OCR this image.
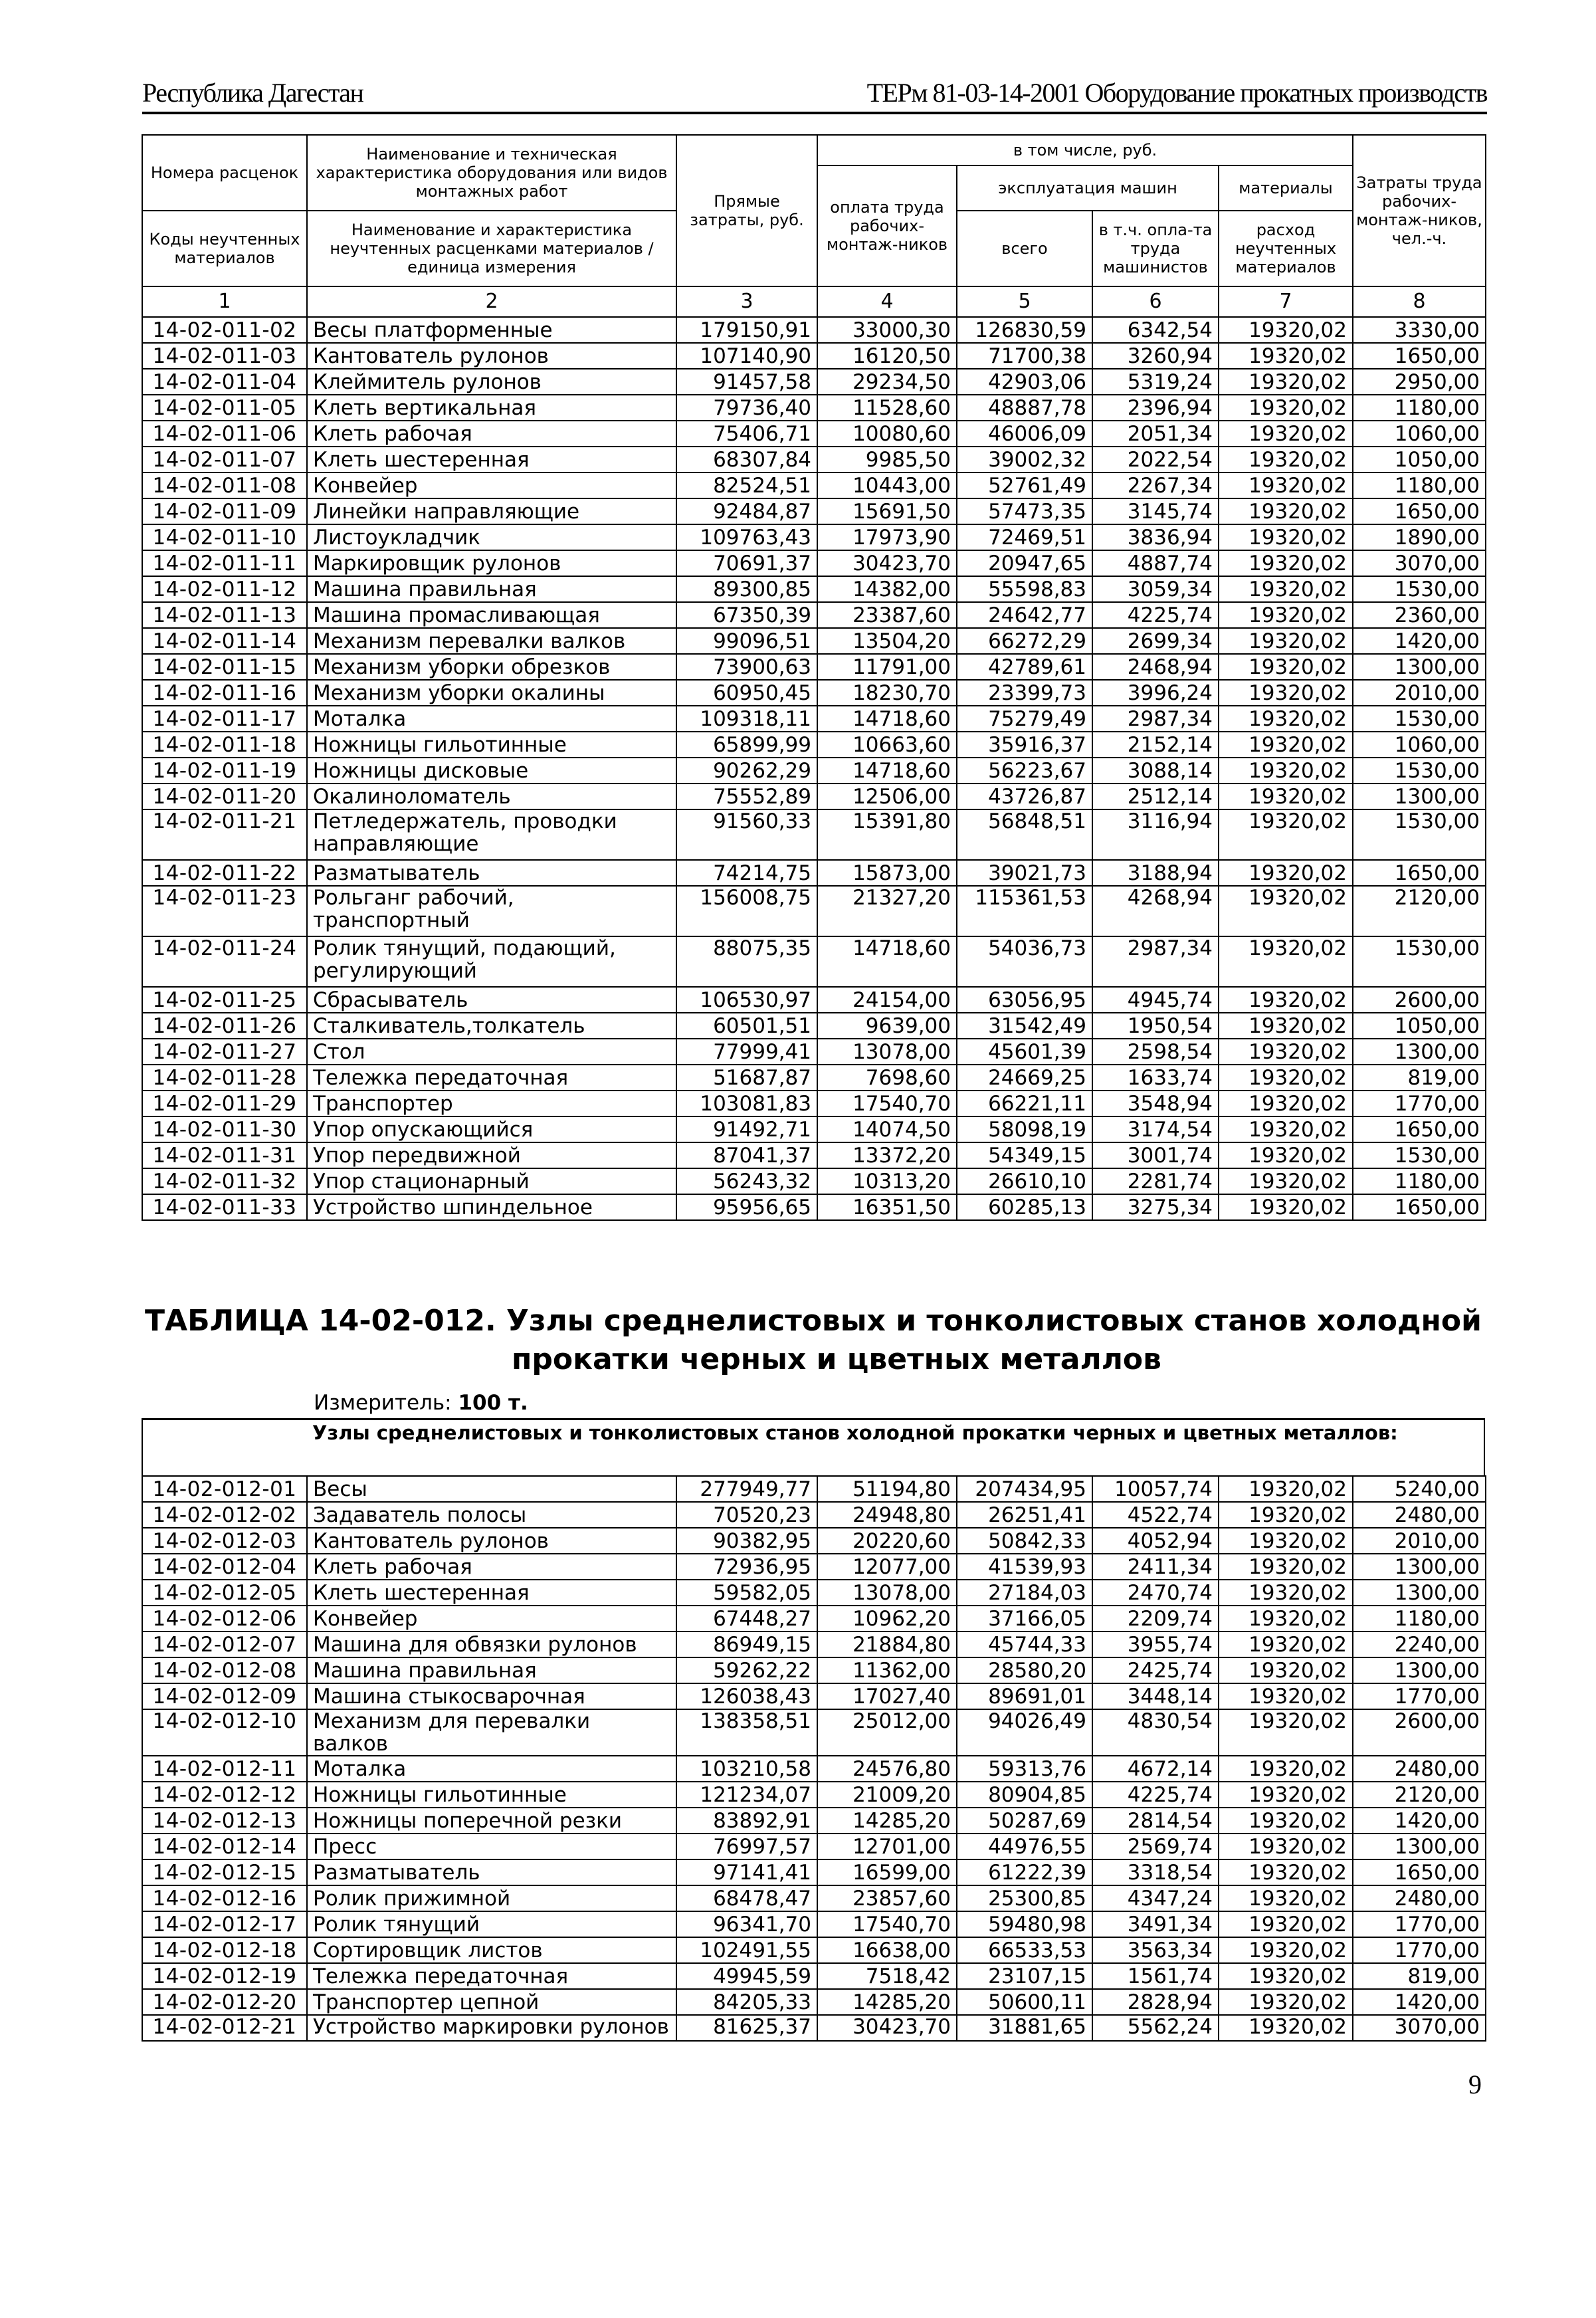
Республика Дагестан	ТЕРм 81-03-14-2001 Оборудование прокатных производств
Номера расценок	Наименование и техническая характеристика оборудования или видов монтажных работ	Прямые затраты, руб.	в том числе, руб.				Затраты труда рабочих-монтаж-ников, чел.-ч.
			оплата труда рабочих-монтаж-ников	эксплуатация машин		материалы	
Коды неучтенных материалов	Наименование и характеристика неучтенных расценками материалов / единица измерения			всего	в т.ч. опла-та труда машинистов	расход неучтенных материалов	

1	2	3	4	5	6	7	8
14-02-011-02	Весы платформенные	179150,91	33000,30	126830,59	6342,54	19320,02	3330,00
14-02-011-03	Кантователь рулонов	107140,90	16120,50	71700,38	3260,94	19320,02	1650,00
14-02-011-04	Клеймитель рулонов	91457,58	29234,50	42903,06	5319,24	19320,02	2950,00
14-02-011-05	Клеть вертикальная	79736,40	11528,60	48887,78	2396,94	19320,02	1180,00
14-02-011-06	Клеть рабочая	75406,71	10080,60	46006,09	2051,34	19320,02	1060,00
14-02-011-07	Клеть шестеренная	68307,84	9985,50	39002,32	2022,54	19320,02	1050,00
14-02-011-08	Конвейер	82524,51	10443,00	52761,49	2267,34	19320,02	1180,00
14-02-011-09	Линейки направляющие	92484,87	15691,50	57473,35	3145,74	19320,02	1650,00
14-02-011-10	Листоукладчик	109763,43	17973,90	72469,51	3836,94	19320,02	1890,00
14-02-011-11	Маркировщик рулонов	70691,37	30423,70	20947,65	4887,74	19320,02	3070,00
14-02-011-12	Машина правильная	89300,85	14382,00	55598,83	3059,34	19320,02	1530,00
14-02-011-13	Машина промасливающая	67350,39	23387,60	24642,77	4225,74	19320,02	2360,00
14-02-011-14	Механизм перевалки валков	99096,51	13504,20	66272,29	2699,34	19320,02	1420,00
14-02-011-15	Механизм уборки обрезков	73900,63	11791,00	42789,61	2468,94	19320,02	1300,00
14-02-011-16	Механизм уборки окалины	60950,45	18230,70	23399,73	3996,24	19320,02	2010,00
14-02-011-17	Моталка	109318,11	14718,60	75279,49	2987,34	19320,02	1530,00
14-02-011-18	Ножницы гильотинные	65899,99	10663,60	35916,37	2152,14	19320,02	1060,00
14-02-011-19	Ножницы дисковые	90262,29	14718,60	56223,67	3088,14	19320,02	1530,00
14-02-011-20	Окалиноломатель	75552,89	12506,00	43726,87	2512,14	19320,02	1300,00
14-02-011-21	Петледержатель, проводки направляющие	91560,33	15391,80	56848,51	3116,94	19320,02	1530,00
14-02-011-22	Разматыватель	74214,75	15873,00	39021,73	3188,94	19320,02	1650,00
14-02-011-23	Рольганг рабочий, транспортный	156008,75	21327,20	115361,53	4268,94	19320,02	2120,00
14-02-011-24	Ролик тянущий, подающий, регулирующий	88075,35	14718,60	54036,73	2987,34	19320,02	1530,00
14-02-011-25	Сбрасыватель	106530,97	24154,00	63056,95	4945,74	19320,02	2600,00
14-02-011-26	Сталкиватель,толкатель	60501,51	9639,00	31542,49	1950,54	19320,02	1050,00
14-02-011-27	Стол	77999,41	13078,00	45601,39	2598,54	19320,02	1300,00
14-02-011-28	Тележка передаточная	51687,87	7698,60	24669,25	1633,74	19320,02	819,00
14-02-011-29	Транспортер	103081,83	17540,70	66221,11	3548,94	19320,02	1770,00
14-02-011-30	Упор опускающийся	91492,71	14074,50	58098,19	3174,54	19320,02	1650,00
14-02-011-31	Упор передвижной	87041,37	13372,20	54349,15	3001,74	19320,02	1530,00
14-02-011-32	Упор стационарный	56243,32	10313,20	26610,10	2281,74	19320,02	1180,00
14-02-011-33	Устройство шпиндельное	95956,65	16351,50	60285,13	3275,34	19320,02	1650,00
ТАБЛИЦА 14-02-012. Узлы среднелистовых и тонколистовых станов холодной
прокатки черных и цветных металлов
Измеритель: 100 т.
Узлы среднелистовых и тонколистовых станов холодной прокатки черных и цветных металлов:
14-02-012-01	Весы	277949,77	51194,80	207434,95	10057,74	19320,02	5240,00
14-02-012-02	Задаватель полосы	70520,23	24948,80	26251,41	4522,74	19320,02	2480,00
14-02-012-03	Кантователь рулонов	90382,95	20220,60	50842,33	4052,94	19320,02	2010,00
14-02-012-04	Клеть рабочая	72936,95	12077,00	41539,93	2411,34	19320,02	1300,00
14-02-012-05	Клеть шестеренная	59582,05	13078,00	27184,03	2470,74	19320,02	1300,00
14-02-012-06	Конвейер	67448,27	10962,20	37166,05	2209,74	19320,02	1180,00
14-02-012-07	Машина для обвязки рулонов	86949,15	21884,80	45744,33	3955,74	19320,02	2240,00
14-02-012-08	Машина правильная	59262,22	11362,00	28580,20	2425,74	19320,02	1300,00
14-02-012-09	Машина стыкосварочная	126038,43	17027,40	89691,01	3448,14	19320,02	1770,00
14-02-012-10	Механизм для перевалки валков	138358,51	25012,00	94026,49	4830,54	19320,02	2600,00
14-02-012-11	Моталка	103210,58	24576,80	59313,76	4672,14	19320,02	2480,00
14-02-012-12	Ножницы гильотинные	121234,07	21009,20	80904,85	4225,74	19320,02	2120,00
14-02-012-13	Ножницы поперечной резки	83892,91	14285,20	50287,69	2814,54	19320,02	1420,00
14-02-012-14	Пресс	76997,57	12701,00	44976,55	2569,74	19320,02	1300,00
14-02-012-15	Разматыватель	97141,41	16599,00	61222,39	3318,54	19320,02	1650,00
14-02-012-16	Ролик прижимной	68478,47	23857,60	25300,85	4347,24	19320,02	2480,00
14-02-012-17	Ролик тянущий	96341,70	17540,70	59480,98	3491,34	19320,02	1770,00
14-02-012-18	Сортировщик листов	102491,55	16638,00	66533,53	3563,34	19320,02	1770,00
14-02-012-19	Тележка передаточная	49945,59	7518,42	23107,15	1561,74	19320,02	819,00
14-02-012-20	Транспортер цепной	84205,33	14285,20	50600,11	2828,94	19320,02	1420,00
14-02-012-21	Устройство маркировки рулонов	81625,37	30423,70	31881,65	5562,24	19320,02	3070,00
9
